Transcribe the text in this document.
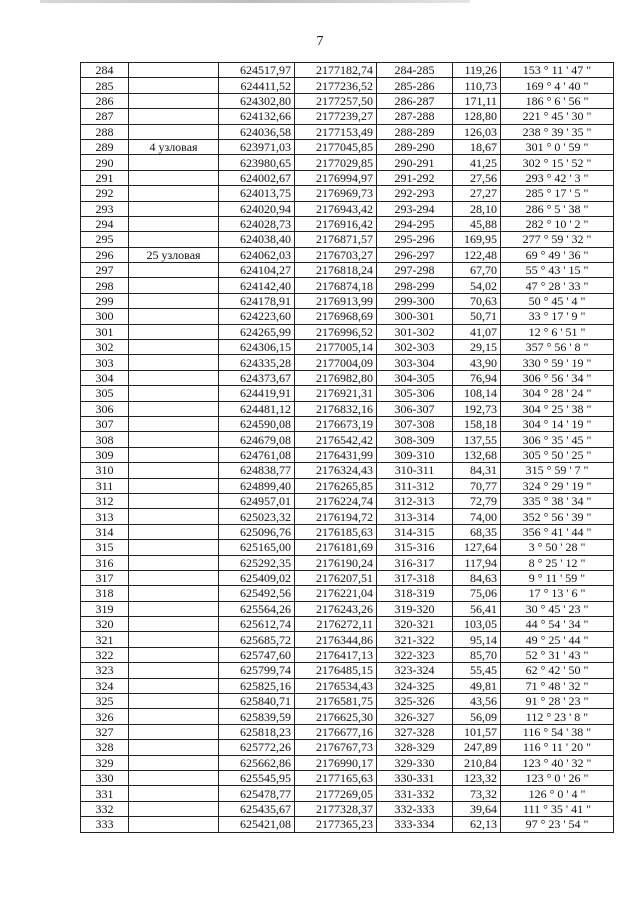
7
284		624517,97	2177182,74	284-285	119,26	153 ° 11 ' 47 "
285		624411,52	2177236,52	285-286	110,73	169 ° 4 ' 40 "
286		624302,80	2177257,50	286-287	171,11	186 ° 6 ' 56 "
287		624132,66	2177239,27	287-288	128,80	221 ° 45 ' 30 "
288		624036,58	2177153,49	288-289	126,03	238 ° 39 ' 35 "
289	4 узловая	623971,03	2177045,85	289-290	18,67	301 ° 0 ' 59 "
290		623980,65	2177029,85	290-291	41,25	302 ° 15 ' 52 "
291		624002,67	2176994,97	291-292	27,56	293 ° 42 ' 3 "
292		624013,75	2176969,73	292-293	27,27	285 ° 17 ' 5 "
293		624020,94	2176943,42	293-294	28,10	286 ° 5 ' 38 "
294		624028,73	2176916,42	294-295	45,88	282 ° 10 ' 2 "
295		624038,40	2176871,57	295-296	169,95	277 ° 59 ' 32 "
296	25 узловая	624062,03	2176703,27	296-297	122,48	69 ° 49 ' 36 "
297		624104,27	2176818,24	297-298	67,70	55 ° 43 ' 15 "
298		624142,40	2176874,18	298-299	54,02	47 ° 28 ' 33 "
299		624178,91	2176913,99	299-300	70,63	50 ° 45 ' 4 "
300		624223,60	2176968,69	300-301	50,71	33 ° 17 ' 9 "
301		624265,99	2176996,52	301-302	41,07	12 ° 6 ' 51 "
302		624306,15	2177005,14	302-303	29,15	357 ° 56 ' 8 "
303		624335,28	2177004,09	303-304	43,90	330 ° 59 ' 19 "
304		624373,67	2176982,80	304-305	76,94	306 ° 56 ' 34 "
305		624419,91	2176921,31	305-306	108,14	304 ° 28 ' 24 "
306		624481,12	2176832,16	306-307	192,73	304 ° 25 ' 38 "
307		624590,08	2176673,19	307-308	158,18	304 ° 14 ' 19 "
308		624679,08	2176542,42	308-309	137,55	306 ° 35 ' 45 "
309		624761,08	2176431,99	309-310	132,68	305 ° 50 ' 25 "
310		624838,77	2176324,43	310-311	84,31	315 ° 59 ' 7 "
311		624899,40	2176265,85	311-312	70,77	324 ° 29 ' 19 "
312		624957,01	2176224,74	312-313	72,79	335 ° 38 ' 34 "
313		625023,32	2176194,72	313-314	74,00	352 ° 56 ' 39 "
314		625096,76	2176185,63	314-315	68,35	356 ° 41 ' 44 "
315		625165,00	2176181,69	315-316	127,64	3 ° 50 ' 28 "
316		625292,35	2176190,24	316-317	117,94	8 ° 25 ' 12 "
317		625409,02	2176207,51	317-318	84,63	9 ° 11 ' 59 "
318		625492,56	2176221,04	318-319	75,06	17 ° 13 ' 6 "
319		625564,26	2176243,26	319-320	56,41	30 ° 45 ' 23 "
320		625612,74	2176272,11	320-321	103,05	44 ° 54 ' 34 "
321		625685,72	2176344,86	321-322	95,14	49 ° 25 ' 44 "
322		625747,60	2176417,13	322-323	85,70	52 ° 31 ' 43 "
323		625799,74	2176485,15	323-324	55,45	62 ° 42 ' 50 "
324		625825,16	2176534,43	324-325	49,81	71 ° 48 ' 32 "
325		625840,71	2176581,75	325-326	43,56	91 ° 28 ' 23 "
326		625839,59	2176625,30	326-327	56,09	112 ° 23 ' 8 "
327		625818,23	2176677,16	327-328	101,57	116 ° 54 ' 38 "
328		625772,26	2176767,73	328-329	247,89	116 ° 11 ' 20 "
329		625662,86	2176990,17	329-330	210,84	123 ° 40 ' 32 "
330		625545,95	2177165,63	330-331	123,32	123 ° 0 ' 26 "
331		625478,77	2177269,05	331-332	73,32	126 ° 0 ' 4 "
332		625435,67	2177328,37	332-333	39,64	111 ° 35 ' 41 "
333		625421,08	2177365,23	333-334	62,13	97 ° 23 ' 54 "
